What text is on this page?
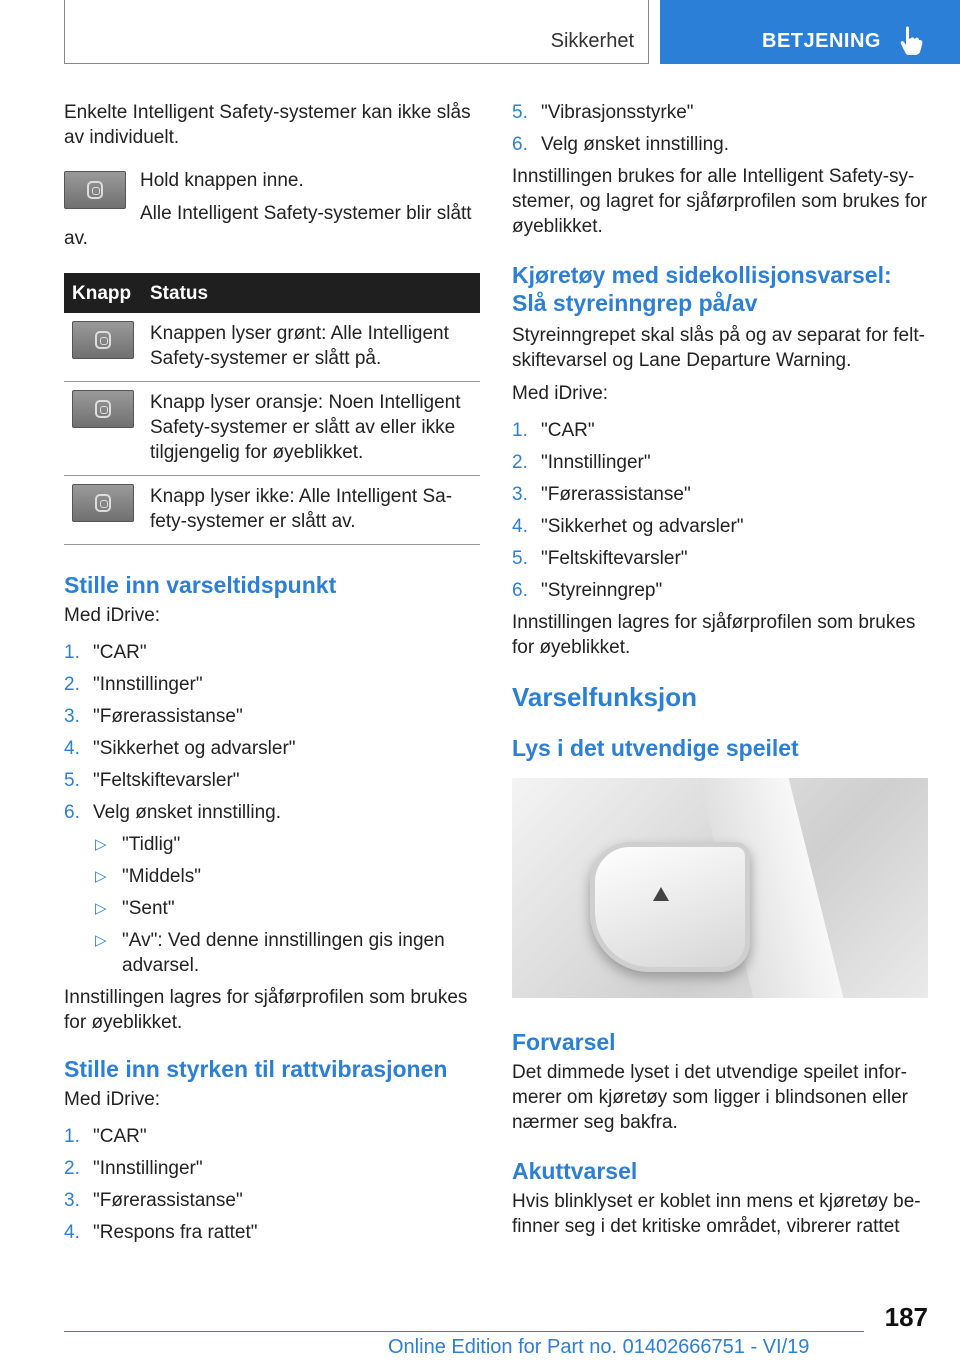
Sikkerhet	BETJENING

Enkelte Intelligent Safety-systemer kan ikke slås av individuelt.

Hold knappen inne.

Alle Intelligent Safety-systemer blir slått av.

Knapp	Status

	Knappen lyser grønt: Alle Intelligent Safety-systemer er slått på.

	Knapp lyser oransje: Noen Intelligent Safety-systemer er slått av eller ikke tilgjengelig for øyeblikket.

	Knapp lyser ikke: Alle Intelligent Sa-fety-systemer er slått av.
Stille inn varseltidspunkt

Med iDrive:

1. "CAR"
2. "Innstillinger"
3. "Førerassistanse"
4. "Sikkerhet og advarsler"
5. "Feltskiftevarsler"
6. Velg ønsket innstilling.
▷ "Tidlig"
▷ "Middels"
▷ "Sent"
▷ "Av": Ved denne innstillingen gis ingen advarsel.

Innstillingen lagres for sjåførprofilen som brukes for øyeblikket.

Stille inn styrken til rattvibrasjonen

Med iDrive:

1. "CAR"
2. "Innstillinger"
3. "Førerassistanse"
4. "Respons fra rattet"
5. "Vibrasjonsstyrke"
6. Velg ønsket innstilling.

Innstillingen brukes for alle Intelligent Safety-sy-stemer, og lagret for sjåførprofilen som brukes for øyeblikket.

Kjøretøy med sidekollisjonsvarsel: Slå styreinngrep på/av

Styreinngrepet skal slås på og av separat for felt-skiftevarsel og Lane Departure Warning.

Med iDrive:

1. "CAR"
2. "Innstillinger"
3. "Førerassistanse"
4. "Sikkerhet og advarsler"
5. "Feltskiftevarsler"
6. "Styreinngrep"

Innstillingen lagres for sjåførprofilen som brukes for øyeblikket.

Varselfunksjon
Lys i det utvendige speilet
Forvarsel

Det dimmede lyset i det utvendige speilet infor-merer om kjøretøy som ligger i blindsonen eller nærmer seg bakfra.

Akuttvarsel

Hvis blinklyset er koblet inn mens et kjøretøy be-finner seg i det kritiske området, vibrerer rattet

187
Online Edition for Part no. 01402666751 - VI/19
